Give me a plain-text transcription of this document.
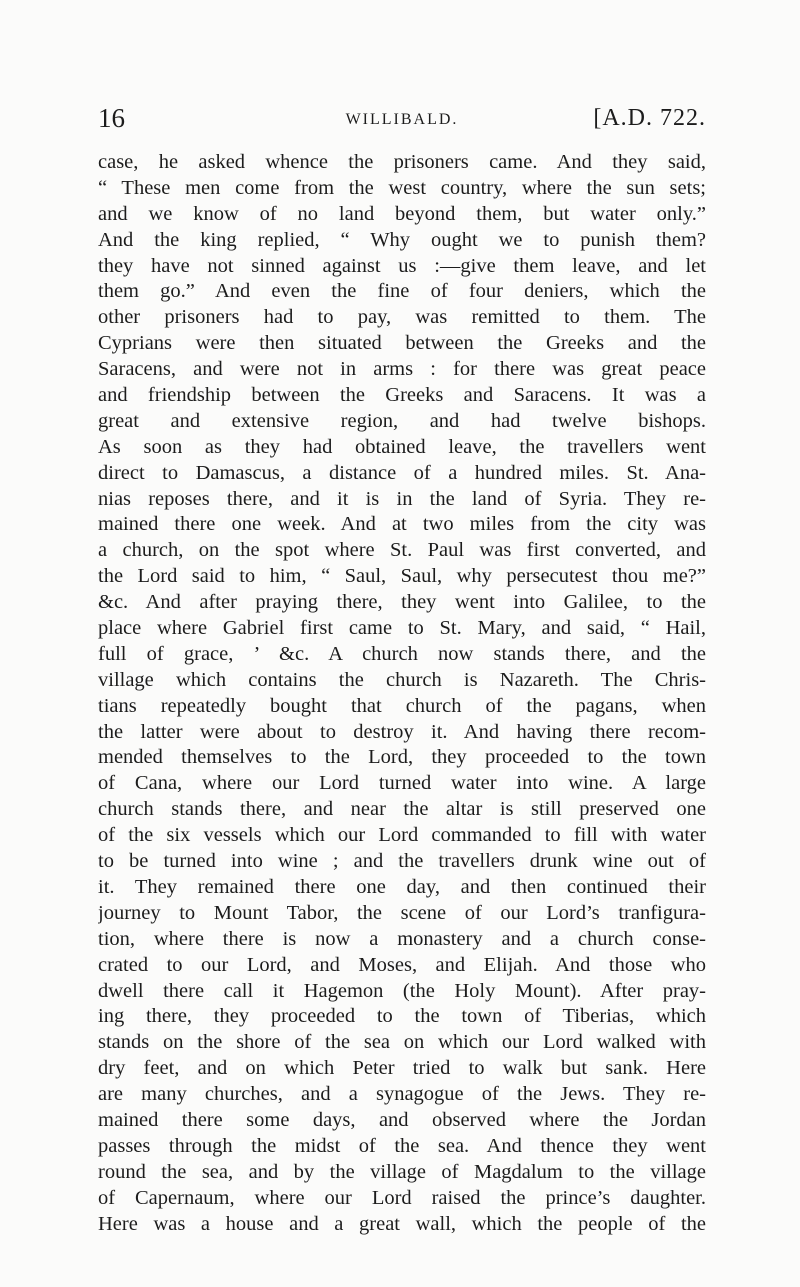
16	WILLIBALD.	[A.D. 722.
case, he asked whence the prisoners came. And they said,
“ These men come from the west country, where the sun sets;
and we know of no land beyond them, but water only.”
And the king replied, “ Why ought we to punish them?
they have not sinned against us :—give them leave, and let
them go.” And even the fine of four deniers, which the
other prisoners had to pay, was remitted to them. The
Cyprians were then situated between the Greeks and the
Saracens, and were not in arms : for there was great peace
and friendship between the Greeks and Saracens. It was a
great and extensive region, and had twelve bishops.
As soon as they had obtained leave, the travellers went
direct to Damascus, a distance of a hundred miles. St. Ana-
nias reposes there, and it is in the land of Syria. They re-
mained there one week. And at two miles from the city was
a church, on the spot where St. Paul was first converted, and
the Lord said to him, “ Saul, Saul, why persecutest thou me?”
&c. And after praying there, they went into Galilee, to the
place where Gabriel first came to St. Mary, and said, “ Hail,
full of grace, ’ &c. A church now stands there, and the
village which contains the church is Nazareth. The Chris-
tians repeatedly bought that church of the pagans, when
the latter were about to destroy it. And having there recom-
mended themselves to the Lord, they proceeded to the town
of Cana, where our Lord turned water into wine. A large
church stands there, and near the altar is still preserved one
of the six vessels which our Lord commanded to fill with water
to be turned into wine ; and the travellers drunk wine out of
it. They remained there one day, and then continued their
journey to Mount Tabor, the scene of our Lord’s tranfigura-
tion, where there is now a monastery and a church conse-
crated to our Lord, and Moses, and Elijah. And those who
dwell there call it Hagemon (the Holy Mount). After pray-
ing there, they proceeded to the town of Tiberias, which
stands on the shore of the sea on which our Lord walked with
dry feet, and on which Peter tried to walk but sank. Here
are many churches, and a synagogue of the Jews. They re-
mained there some days, and observed where the Jordan
passes through the midst of the sea. And thence they went
round the sea, and by the village of Magdalum to the village
of Capernaum, where our Lord raised the prince’s daughter.
Here was a house and a great wall, which the people of the
